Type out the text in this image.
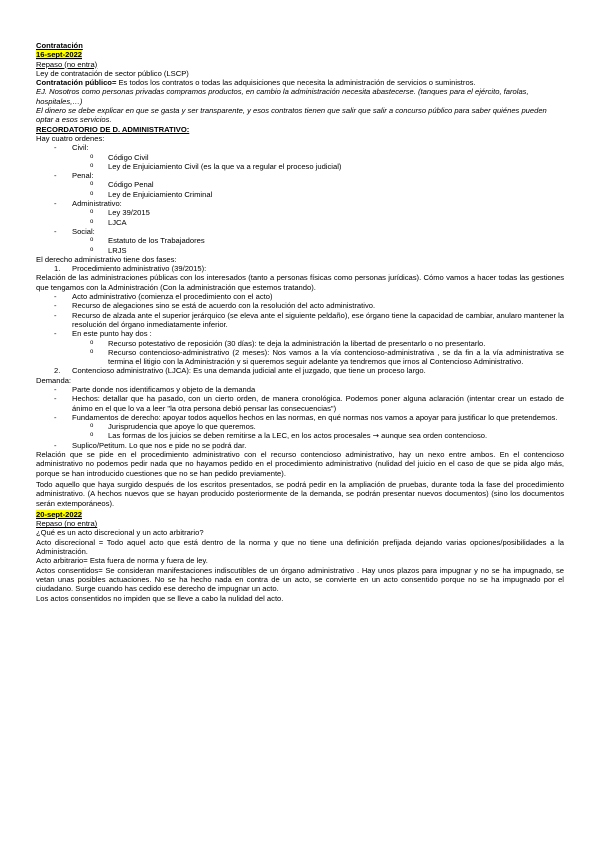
Contratación

16-sept-2022

Repaso (no entra)

Ley de contratación de sector público (LSCP)

Contratación público= Es todos los contratos o todas las adquisiciones que necesita la administración de servicios o suministros.

EJ. Nosotros como personas privadas compramos productos, en cambio la administración necesita abastecerse. (tanques para el ejército, farolas, hospitales,…)

El dinero se debe explicar en que se gasta y ser transparente, y esos contratos tienen que salir que salir a concurso público para saber quiénes pueden optar a esos servicios.

RECORDATORIO DE D. ADMINISTRATIVO:

Hay cuatro ordenes:

- Civil:
o Código Civil
o Ley de Enjuiciamiento Civil (es la que va a regular el proceso judicial)
- Penal:
o Código Penal
o Ley de Enjuiciamiento Criminal
- Administrativo:
o Ley 39/2015
o LJCA
- Social:
o Estatuto de los Trabajadores
o LRJS

El derecho administrativo tiene dos fases:

1. Procedimiento administrativo (39/2015):

Relación de las administraciones públicas con los interesados (tanto a personas físicas como personas jurídicas). Cómo vamos a hacer todas las gestiones que tengamos con la Administración (Con la administración que estemos tratando).

- Acto administrativo (comienza el procedimiento con el acto)
- Recurso de alegaciones sino se está de acuerdo con la resolución del acto administrativo.
- Recurso de alzada ante el superior jerárquico (se eleva ante el siguiente peldaño), ese órgano tiene la capacidad de cambiar, anularo mantener la resolución del órgano inmediatamente inferior.
- En este punto hay dos :
o Recurso potestativo de reposición (30 días): te deja la administración la libertad de presentarlo o no presentarlo.
o Recurso contencioso-administrativo (2 meses): Nos vamos a la vía contencioso-administrativa , se da fin a la vía administrativa se termina el litigio con la Administración y si queremos seguir adelante ya tendremos que irnos al Contencioso Administrativo.
2. Contencioso administrativo (LJCA): Es una demanda judicial ante el juzgado, que tiene un proceso largo.

Demanda:

- Parte donde nos identificamos y objeto de la demanda
- Hechos: detallar que ha pasado, con un cierto orden, de manera cronológica. Podemos poner alguna aclaración (intentar crear un estado de ánimo en el que lo va a leer "la otra persona debió pensar las consecuencias")
- Fundamentos de derecho: apoyar todos aquellos hechos en las normas, en qué normas nos vamos a apoyar para justificar lo que pretendemos.
o Jurisprudencia que apoye lo que queremos.
o Las formas de los juicios se deben remitirse a la LEC, en los actos procesales → aunque sea orden contencioso.
- Suplico/Petitum. Lo que nos e pide no se podrá dar.

Relación que se pide en el procedimiento administrativo con el recurso contencioso administrativo, hay un nexo entre ambos. En el contencioso administrativo no podemos pedir nada que no hayamos pedido en el procedimiento administrativo (nulidad del juicio en el caso de que se pida algo más, porque se han introducido cuestiones que no se han pedido previamente).

Todo aquello que haya surgido después de los escritos presentados, se podrá pedir en la ampliación de pruebas, durante toda la fase del procedimiento administrativo. (A hechos nuevos que se hayan producido posteriormente de la demanda, se podrán presentar nuevos documentos) (sino los documentos serán extemporáneos).

20-sept-2022

Repaso (no entra)

¿Qué es un acto discrecional y un acto arbitrario?

Acto discrecional = Todo aquel acto que está dentro de la norma y que no tiene una definición prefijada dejando varias opciones/posibilidades a la Administración.

Acto arbitrario= Esta fuera de norma y fuera de ley.

Actos consentidos= Se consideran manifestaciones indiscutibles de un órgano administrativo . Hay unos plazos para impugnar y no se ha impugnado, se vetan unas posibles actuaciones. No se ha hecho nada en contra de un acto, se convierte en un acto consentido porque no se ha impugnado por el ciudadano. Surge cuando has cedido ese derecho de impugnar un acto.

Los actos consentidos no impiden que se lleve a cabo la nulidad del acto.
